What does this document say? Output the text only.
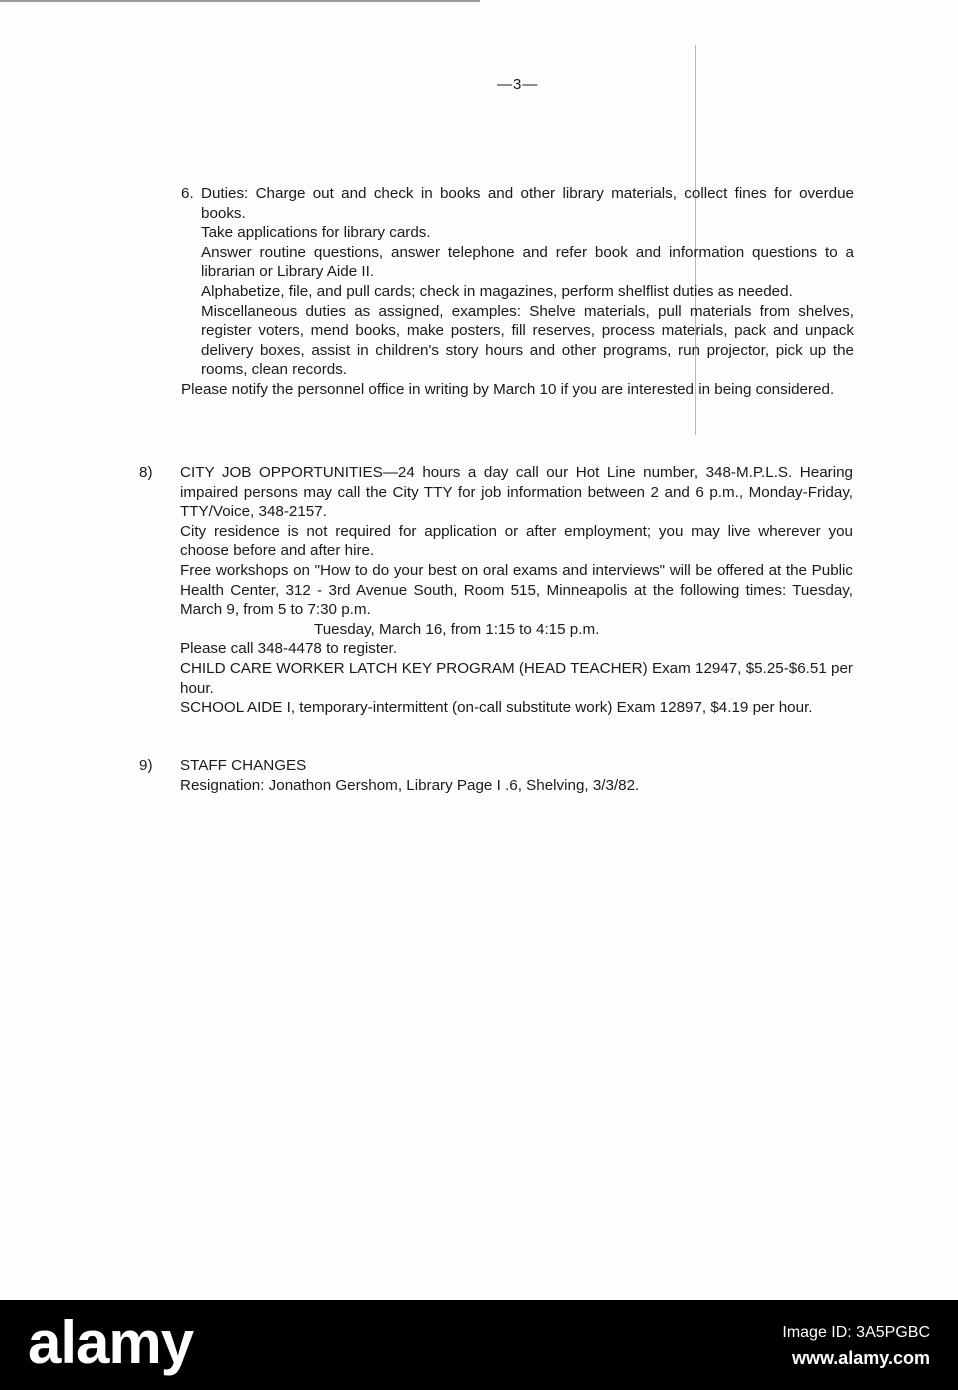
—3—

6. Duties: Charge out and check in books and other library materials, collect fines for overdue books.

Take applications for library cards.

Answer routine questions, answer telephone and refer book and information questions to a librarian or Library Aide II.

Alphabetize, file, and pull cards; check in magazines, perform shelflist duties as needed.

Miscellaneous duties as assigned, examples: Shelve materials, pull materials from shelves, register voters, mend books, make posters, fill reserves, process materials, pack and unpack delivery boxes, assist in children's story hours and other programs, run projector, pick up the rooms, clean records.

Please notify the personnel office in writing by March 10 if you are interested in being considered.

8) CITY JOB OPPORTUNITIES—24 hours a day call our Hot Line number, 348-M.P.L.S. Hearing impaired persons may call the City TTY for job information between 2 and 6 p.m., Monday-Friday, TTY/Voice, 348-2157.

City residence is not required for application or after employment; you may live wherever you choose before and after hire.

Free workshops on "How to do your best on oral exams and interviews" will be offered at the Public Health Center, 312 - 3rd Avenue South, Room 515, Minneapolis at the following times: Tuesday, March 9, from 5 to 7:30 p.m.

Tuesday, March 16, from 1:15 to 4:15 p.m.

Please call 348-4478 to register.

CHILD CARE WORKER LATCH KEY PROGRAM (HEAD TEACHER) Exam 12947, $5.25-$6.51 per hour.

SCHOOL AIDE I, temporary-intermittent (on-call substitute work) Exam 12897, $4.19 per hour.

9) STAFF CHANGES

Resignation: Jonathon Gershom, Library Page I .6, Shelving, 3/3/82.

alamy	Image ID: 3A5PGBC
www.alamy.com
